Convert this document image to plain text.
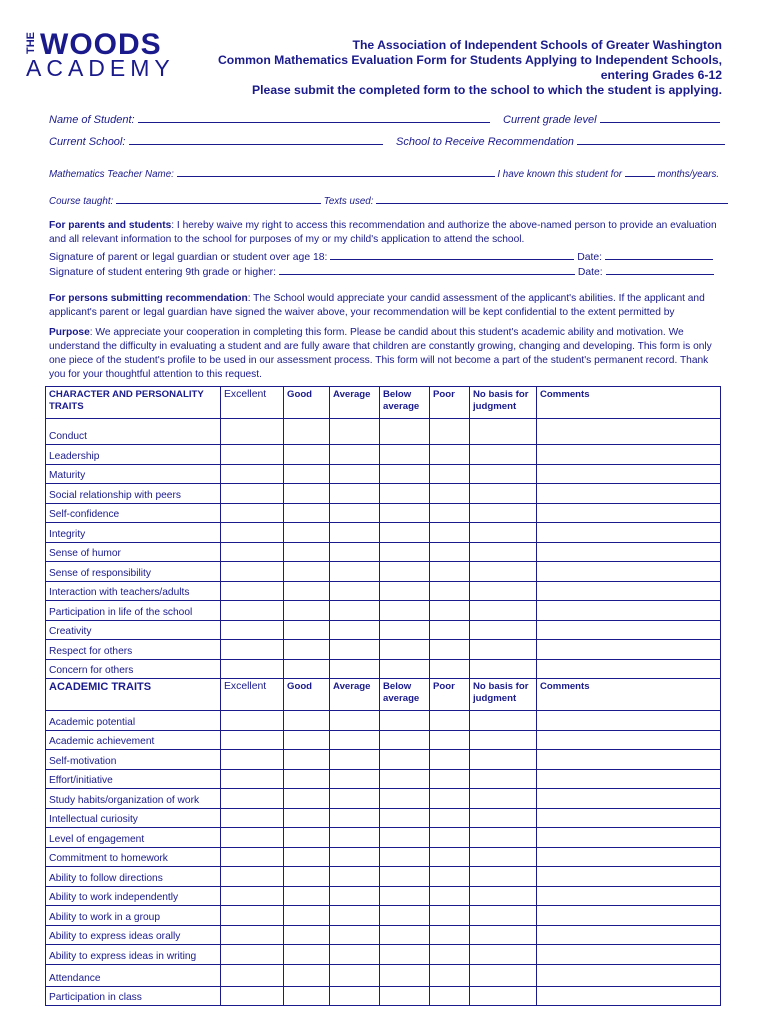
THE WOODS
ACADEMY
The Association of Independent Schools of Greater Washington
Common Mathematics Evaluation Form for Students Applying to Independent Schools,
entering Grades 6-12
Please submit the completed form to the school to which the student is applying.
Name of Student:	Current grade level
Current School:	School to Receive Recommendation
Mathematics Teacher Name:	I have known this student for	months/years.
Course taught:	Texts used:
For parents and students: I hereby waive my right to access this recommendation and authorize the above-named person to provide an evaluation and all relevant information to the school for purposes of my or my child's application to attend the school.
Signature of parent or legal guardian or student over age 18:	Date:
Signature of student entering 9th grade or higher:	Date:
For persons submitting recommendation: The School would appreciate your candid assessment of the applicant's abilities. If the applicant and applicant's parent or legal guardian have signed the waiver above, your recommendation will be kept confidential to the extent permitted by
Purpose: We appreciate your cooperation in completing this form. Please be candid about this student's academic ability and motivation. We understand the difficulty in evaluating a student and are fully aware that children are constantly growing, changing and developing. This form is only one piece of the student's profile to be used in our assessment process. This form will not become a part of the student's permanent record. Thank you for your thoughtful attention to this request.
CHARACTER AND PERSONALITY TRAITS	Excellent	Good	Average	Below average	Poor	No basis for judgment	Comments
Conduct							
Leadership							
Maturity							
Social relationship with peers							
Self-confidence							
Integrity							
Sense of humor							
Sense of responsibility							
Interaction with teachers/adults							
Participation in life of the school							
Creativity							
Respect for others							
Concern for others							
ACADEMIC TRAITS	Excellent	Good	Average	Below average	Poor	No basis for judgment	Comments
Academic potential							
Academic achievement							
Self-motivation							
Effort/initiative							
Study habits/organization of work							
Intellectual curiosity							
Level of engagement							
Commitment to homework							
Ability to follow directions							
Ability to work independently							
Ability to work in a group							
Ability to express ideas orally							
Ability to express ideas in writing							
Attendance							
Participation in class							
